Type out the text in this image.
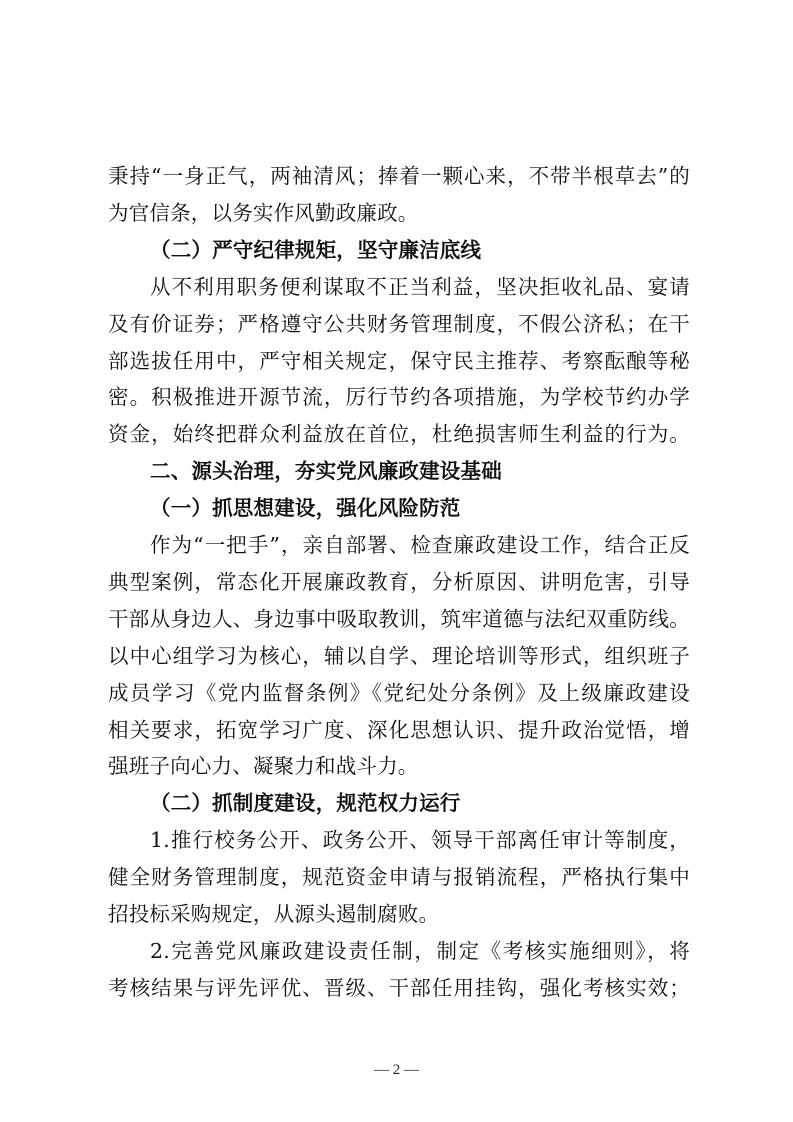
秉持“一身正气，两袖清风；捧着一颗心来，不带半根草去”的
为官信条，以务实作风勤政廉政。
（二）严守纪律规矩，坚守廉洁底线
从不利用职务便利谋取不正当利益，坚决拒收礼品、宴请
及有价证券；严格遵守公共财务管理制度，不假公济私；在干
部选拔任用中，严守相关规定，保守民主推荐、考察酝酿等秘
密。积极推进开源节流，厉行节约各项措施，为学校节约办学
资金，始终把群众利益放在首位，杜绝损害师生利益的行为。
二、源头治理，夯实党风廉政建设基础
（一）抓思想建设，强化风险防范
作为“一把手”，亲自部署、检查廉政建设工作，结合正反
典型案例，常态化开展廉政教育，分析原因、讲明危害，引导
干部从身边人、身边事中吸取教训，筑牢道德与法纪双重防线。
以中心组学习为核心，辅以自学、理论培训等形式，组织班子
成员学习《党内监督条例》《党纪处分条例》及上级廉政建设
相关要求，拓宽学习广度、深化思想认识、提升政治觉悟，增
强班子向心力、凝聚力和战斗力。
（二）抓制度建设，规范权力运行
1.推行校务公开、政务公开、领导干部离任审计等制度，
健全财务管理制度，规范资金申请与报销流程，严格执行集中
招投标采购规定，从源头遏制腐败。
2.完善党风廉政建设责任制，制定《考核实施细则》，将
考核结果与评先评优、晋级、干部任用挂钩，强化考核实效；
— 2 —
